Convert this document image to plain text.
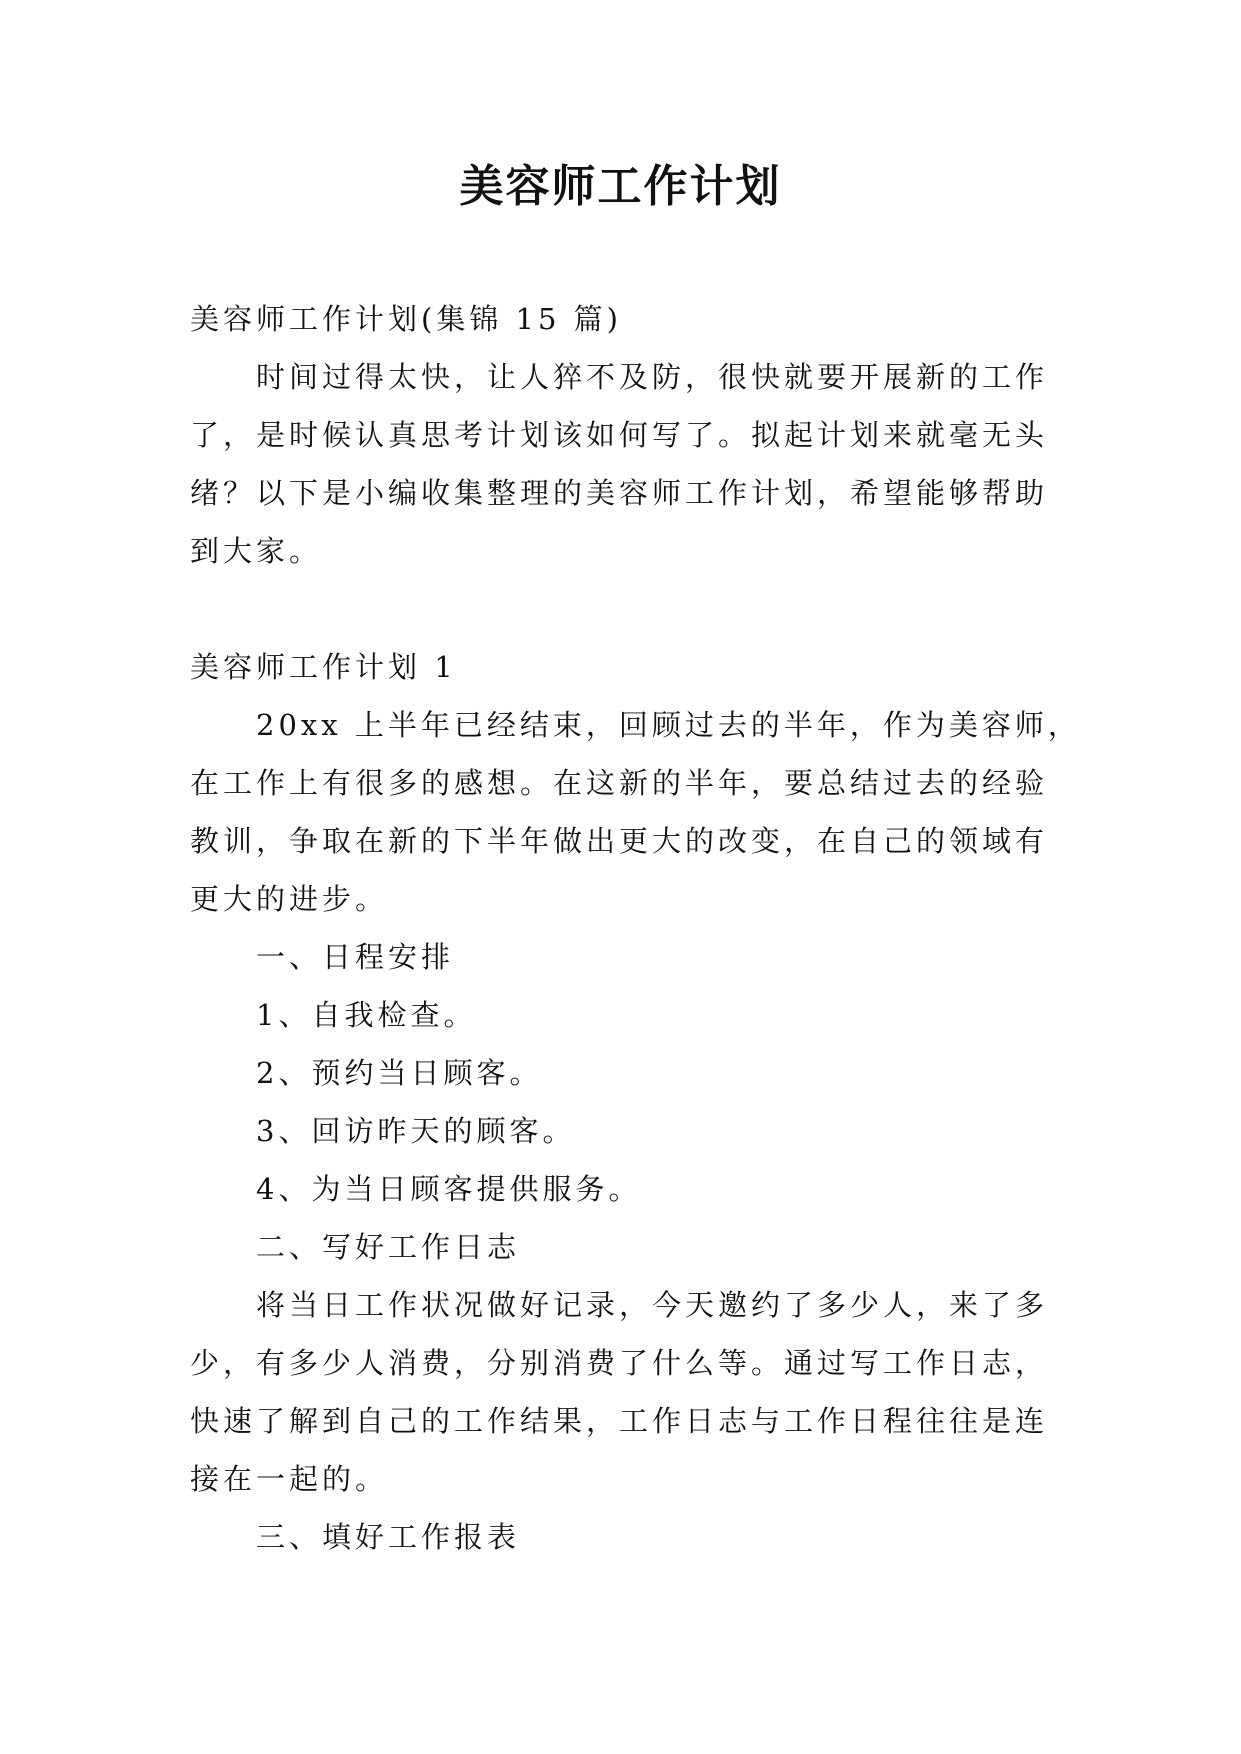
美容师工作计划

美容师工作计划(集锦 15 篇)

时间过得太快，让人猝不及防，很快就要开展新的工作

了，是时候认真思考计划该如何写了。拟起计划来就毫无头

绪？以下是小编收集整理的美容师工作计划，希望能够帮助

到大家。

美容师工作计划 1

20xx 上半年已经结束，回顾过去的半年，作为美容师，

在工作上有很多的感想。在这新的半年，要总结过去的经验

教训，争取在新的下半年做出更大的改变，在自己的领域有

更大的进步。

一、日程安排

1、自我检查。

2、预约当日顾客。

3、回访昨天的顾客。

4、为当日顾客提供服务。

二、写好工作日志

将当日工作状况做好记录，今天邀约了多少人，来了多

少，有多少人消费，分别消费了什么等。通过写工作日志，

快速了解到自己的工作结果，工作日志与工作日程往往是连

接在一起的。

三、填好工作报表
